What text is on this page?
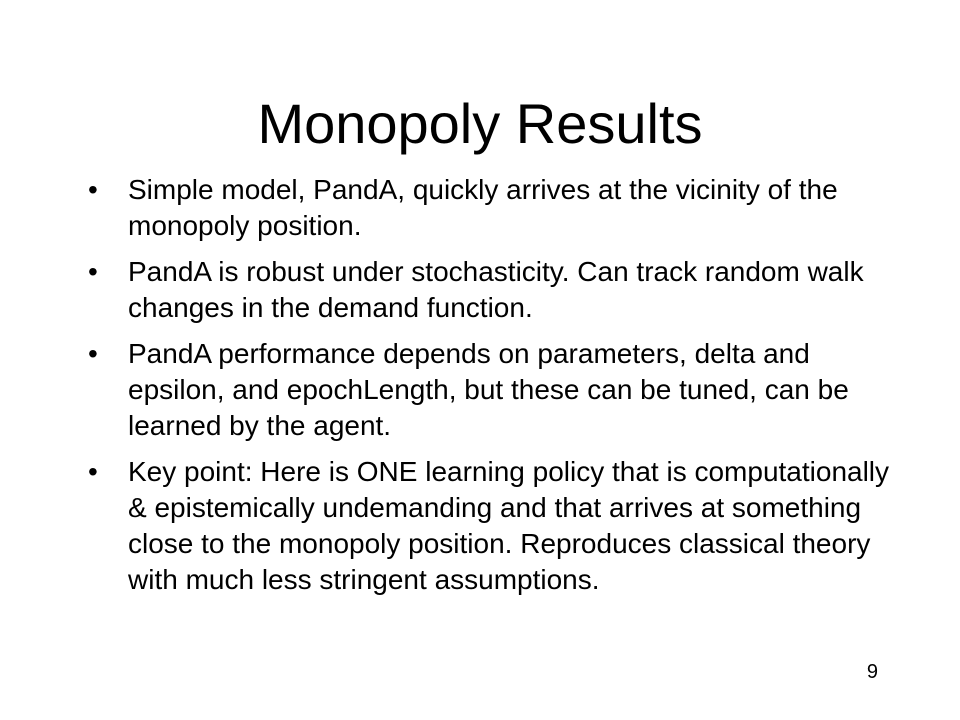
Monopoly Results
•	Simple model, PandA, quickly arrives at the vicinity of the monopoly position.
•	PandA is robust under stochasticity. Can track random walk changes in the demand function.
•	PandA performance depends on parameters, delta and epsilon, and epochLength, but these can be tuned, can be learned by the agent.
•	Key point: Here is ONE learning policy that is computationally & epistemically undemanding and that arrives at something close to the monopoly position. Reproduces classical theory with much less stringent assumptions.
9
